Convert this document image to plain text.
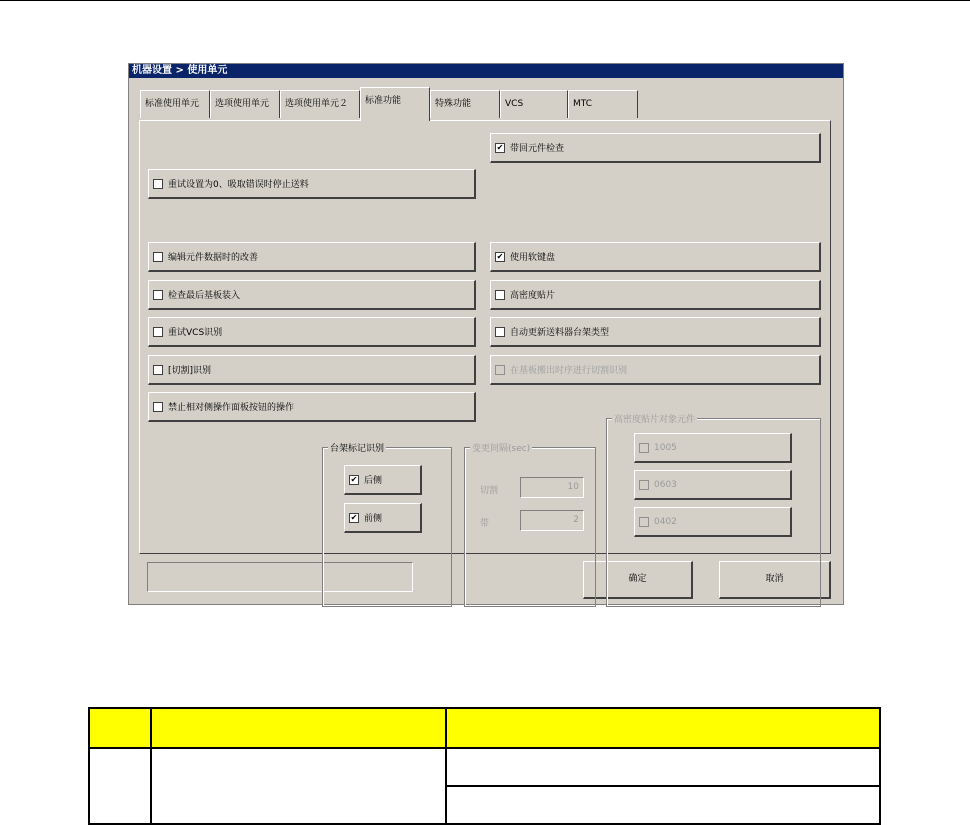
机器设置 > 使用单元
标准使用单元	选项使用单元	选项使用单元２	标准功能	特殊功能	VCS	MTC
✔ 带回元件检查
重试设置为0、吸取错误时停止送料
编辑元件数据时的改善	✔ 使用软键盘
检查最后基板装入	高密度贴片
重试VCS识别	自动更新送料器台架类型
[切割]识别	在基板搬出时序进行切割识别
禁止相对侧操作面板按钮的操作
台架标记识别
✔ 后侧
✔ 前侧
变更间隔(sec)
切割	10
带	2
高密度贴片对象元件
1005
0603
0402
确定	取消
